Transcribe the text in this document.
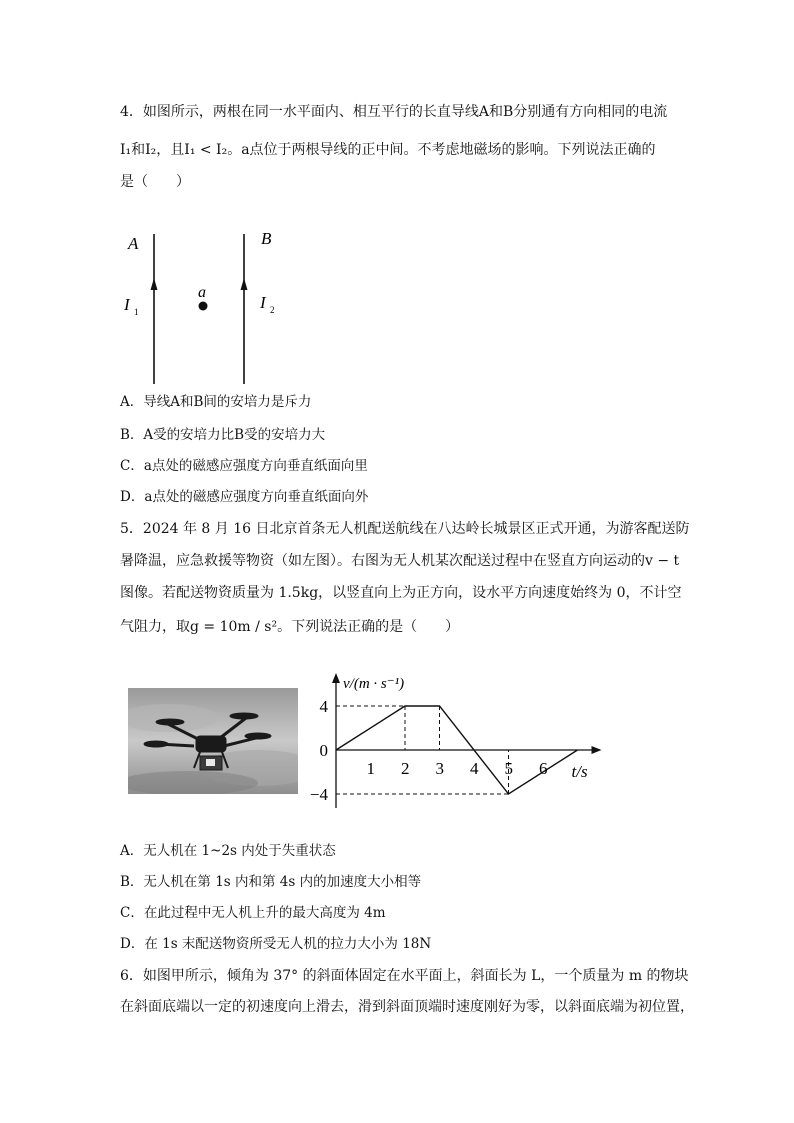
4．如图所示，两根在同一水平面内、相互平行的长直导线A和B分别通有方向相同的电流
I₁和I₂，且I₁ < I₂。a点位于两根导线的正中间。不考虑地磁场的影响。下列说法正确的
是（　　）
A	B
I 1	I 2
a
A．导线A和B间的安培力是斥力
B．A受的安培力比B受的安培力大
C．a点处的磁感应强度方向垂直纸面向里
D．a点处的磁感应强度方向垂直纸面向外
5．2024 年 8 月 16 日北京首条无人机配送航线在八达岭长城景区正式开通，为游客配送防
暑降温，应急救援等物资（如左图）。右图为无人机某次配送过程中在竖直方向运动的v − t
图像。若配送物资质量为 1.5kg，以竖直向上为正方向，设水平方向速度始终为 0，不计空
气阻力，取g = 10m / s²。下列说法正确的是（　　）
1 2 3 4 5 6
4
0
−4
v/(m · s⁻¹)
t/s
A．无人机在 1~2s 内处于失重状态
B．无人机在第 1s 内和第 4s 内的加速度大小相等
C．在此过程中无人机上升的最大高度为 4m
D．在 1s 末配送物资所受无人机的拉力大小为 18N
6．如图甲所示，倾角为 37° 的斜面体固定在水平面上，斜面长为 L，一个质量为 m 的物块
在斜面底端以一定的初速度向上滑去，滑到斜面顶端时速度刚好为零，以斜面底端为初位置，
